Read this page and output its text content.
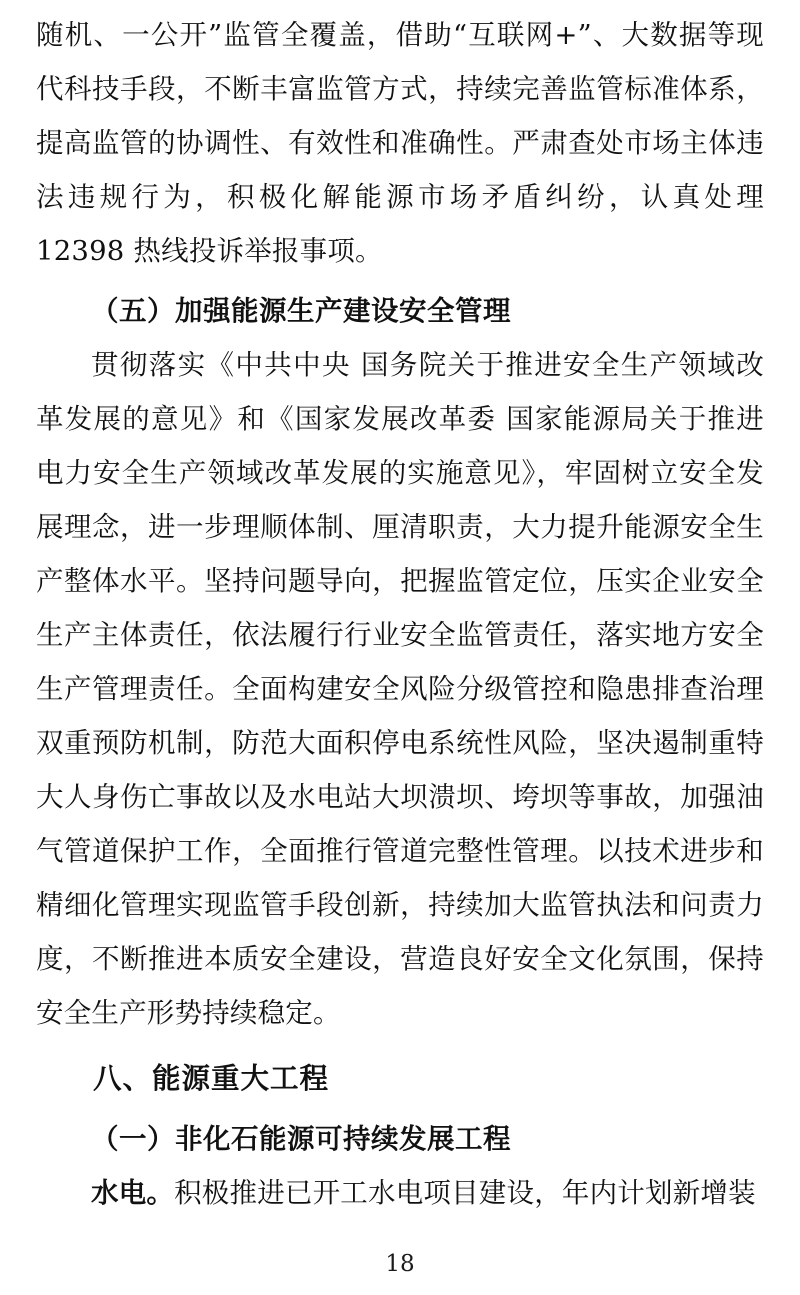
随机、一公开”监管全覆盖，借助“互联网+”、大数据等现代科技手段，不断丰富监管方式，持续完善监管标准体系，提高监管的协调性、有效性和准确性。严肃查处市场主体违法违规行为，积极化解能源市场矛盾纠纷，认真处理 12398 热线投诉举报事项。

（五）加强能源生产建设安全管理

贯彻落实《中共中央 国务院关于推进安全生产领域改革发展的意见》和《国家发展改革委 国家能源局关于推进电力安全生产领域改革发展的实施意见》，牢固树立安全发展理念，进一步理顺体制、厘清职责，大力提升能源安全生产整体水平。坚持问题导向，把握监管定位，压实企业安全生产主体责任，依法履行行业安全监管责任，落实地方安全生产管理责任。全面构建安全风险分级管控和隐患排查治理双重预防机制，防范大面积停电系统性风险，坚决遏制重特大人身伤亡事故以及水电站大坝溃坝、垮坝等事故，加强油气管道保护工作，全面推行管道完整性管理。以技术进步和精细化管理实现监管手段创新，持续加大监管执法和问责力度，不断推进本质安全建设，营造良好安全文化氛围，保持安全生产形势持续稳定。

八、能源重大工程

（一）非化石能源可持续发展工程

水电。积极推进已开工水电项目建设，年内计划新增装

18
